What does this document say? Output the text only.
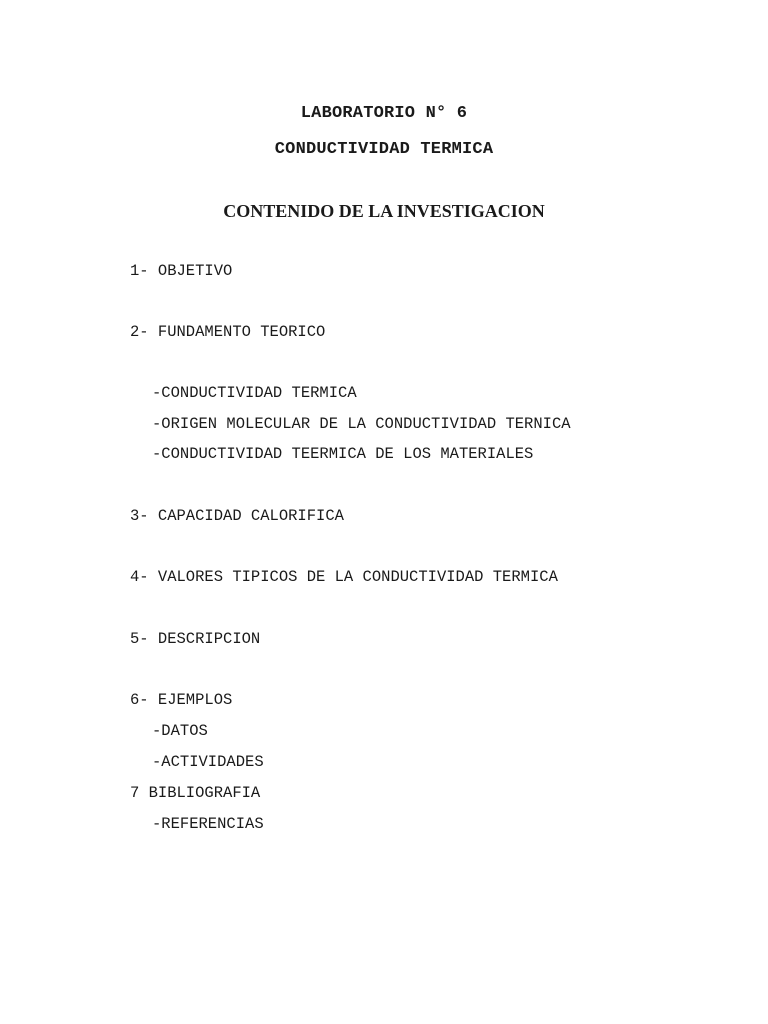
LABORATORIO N° 6
CONDUCTIVIDAD TERMICA
CONTENIDO DE LA INVESTIGACION
1- OBJETIVO
2- FUNDAMENTO TEORICO
-CONDUCTIVIDAD TERMICA
-ORIGEN MOLECULAR DE LA CONDUCTIVIDAD TERNICA
-CONDUCTIVIDAD TEERMICA DE LOS MATERIALES
3- CAPACIDAD CALORIFICA
4- VALORES TIPICOS DE LA CONDUCTIVIDAD TERMICA
5- DESCRIPCION
6- EJEMPLOS
-DATOS
-ACTIVIDADES
7 BIBLIOGRAFIA
-REFERENCIAS
